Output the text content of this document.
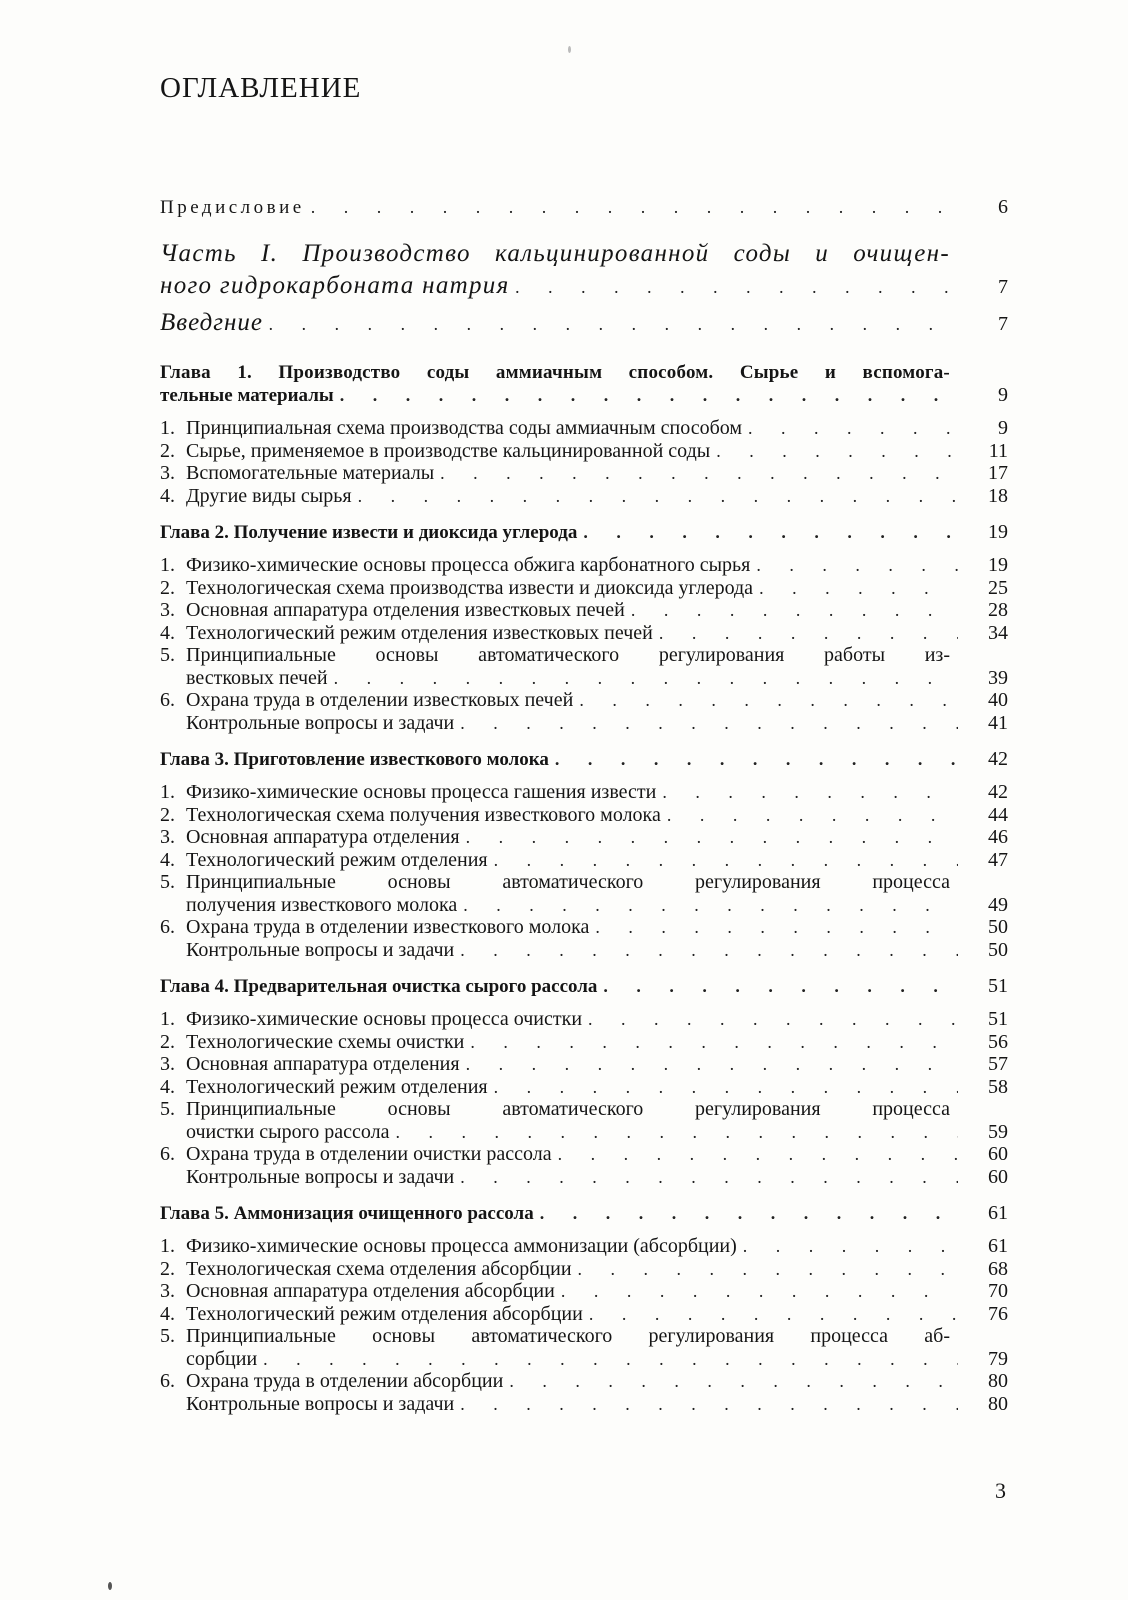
ОГЛАВЛЕНИЕ
Предисловие . . .	6
Часть I. Производство кальцинированной соды и очищен-
ного гидрокарбоната натрия . . .	7
Введгние . . .	7
Глава 1. Производство соды аммиачным способом. Сырье и вспомога-
тельные материалы . . .	9
1. Принципиальная схема производства соды аммиачным способом . . .	9
2. Сырье, применяемое в производстве кальцинированной соды . . .	11
3. Вспомогательные материалы . . .	17
4. Другие виды сырья . . .	18
Глава 2. Получение извести и диоксида углерода . . .	19
1. Физико-химические основы процесса обжига карбонатного сырья . . .	19
2. Технологическая схема производства извести и диоксида углерода . . .	25
3. Основная аппаратура отделения известковых печей . . .	28
4. Технологический режим отделения известковых печей . . .	34
5. Принципиальные основы автоматического регулирования работы из-
вестковых печей . . .	39
6. Охрана труда в отделении известковых печей . . .	40
Контрольные вопросы и задачи . . .	41
Глава 3. Приготовление известкового молока . . .	42
1. Физико-химические основы процесса гашения извести . . .	42
2. Технологическая схема получения известкового молока . . .	44
3. Основная аппаратура отделения . . .	46
4. Технологический режим отделения . . .	47
5. Принципиальные основы автоматического регулирования процесса
получения известкового молока . . .	49
6. Охрана труда в отделении известкового молока . . .	50
Контрольные вопросы и задачи . . .	50
Глава 4. Предварительная очистка сырого рассола . . .	51
1. Физико-химические основы процесса очистки . . .	51
2. Технологические схемы очистки . . .	56
3. Основная аппаратура отделения . . .	57
4. Технологический режим отделения . . .	58
5. Принципиальные основы автоматического регулирования процесса
очистки сырого рассола . . .	59
6. Охрана труда в отделении очистки рассола . . .	60
Контрольные вопросы и задачи . . .	60
Глава 5. Аммонизация очищенного рассола . . .	61
1. Физико-химические основы процесса аммонизации (абсорбции) . . .	61
2. Технологическая схема отделения абсорбции . . .	68
3. Основная аппаратура отделения абсорбции . . .	70
4. Технологический режим отделения абсорбции . . .	76
5. Принципиальные основы автоматического регулирования процесса аб-
сорбции . . .	79
6. Охрана труда в отделении абсорбции . . .	80
Контрольные вопросы и задачи . . .	80
3
